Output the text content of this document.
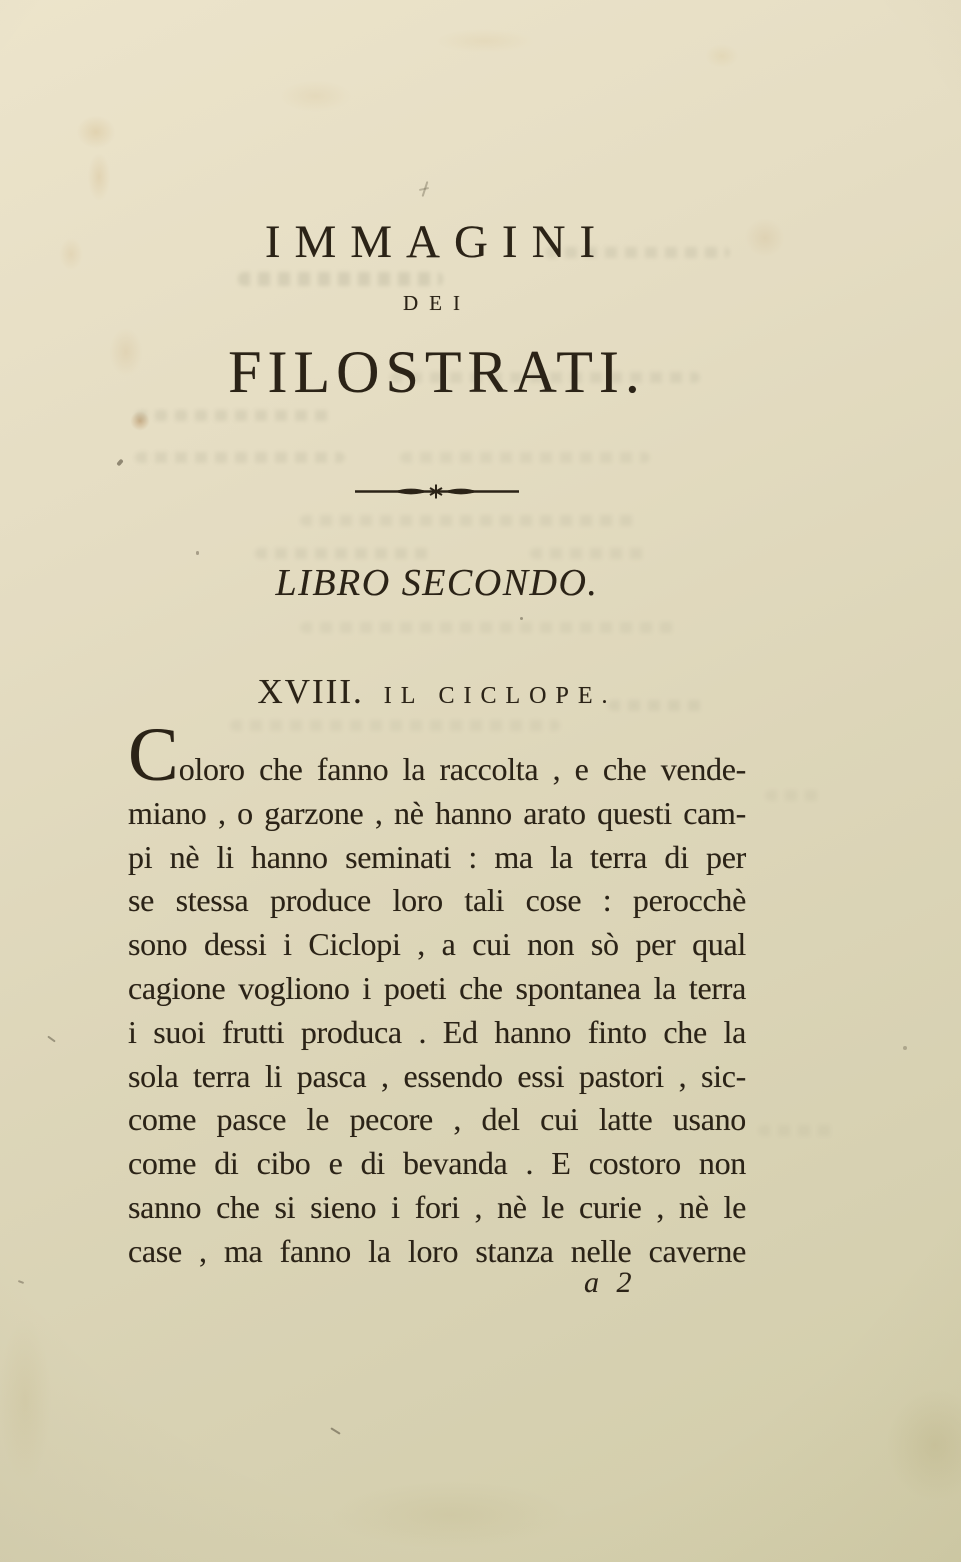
IMMAGINI
DEI
FILOSTRATI.
LIBRO SECONDO.
XVIII. IL CICLOPE.
Coloro che fanno la raccolta , e che vende-
miano , o garzone , nè hanno arato questi cam-
pi nè li hanno seminati : ma la terra di per
se stessa produce loro tali cose : perocchè
sono dessi i Ciclopi , a cui non sò per qual
cagione vogliono i poeti che spontanea la terra
i suoi frutti produca . Ed hanno finto che la
sola terra li pasca , essendo essi pastori , sic-
come pasce le pecore , del cui latte usano
come di cibo e di bevanda . E costoro non
sanno che si sieno i fori , nè le curie , nè le
case , ma fanno la loro stanza nelle caverne
a 2
